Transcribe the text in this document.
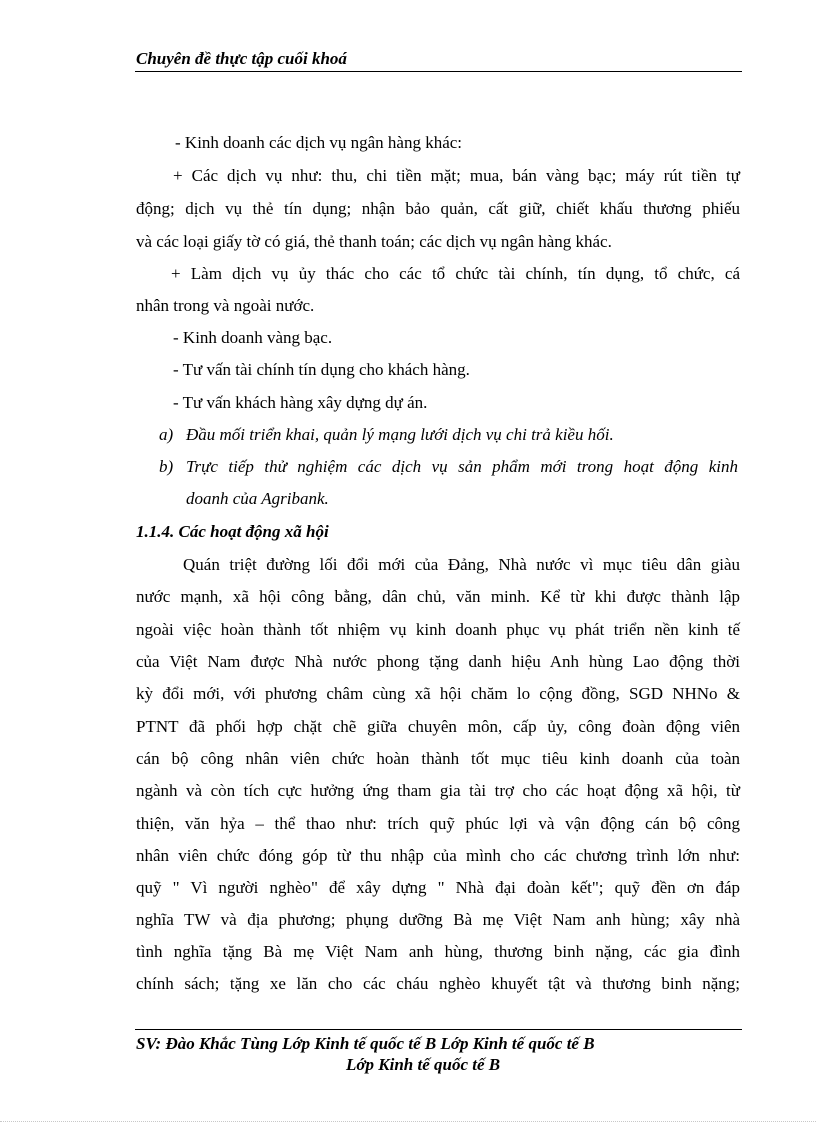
Chuyên đề thực tập cuối khoá
- Kinh doanh các dịch vụ ngân hàng khác:
+ Các dịch vụ như: thu, chi tiền mặt; mua, bán vàng bạc; máy rút tiền tự
động; dịch vụ thẻ tín dụng; nhận bảo quản, cất giữ, chiết khấu thương phiếu
và các loại giấy tờ có giá, thẻ thanh toán; các dịch vụ ngân hàng khác.
+ Làm dịch vụ ủy thác cho các tổ chức tài chính, tín dụng, tổ chức, cá
nhân trong và ngoài nước.
- Kinh doanh vàng bạc.
- Tư vấn tài chính tín dụng cho khách hàng.
- Tư vấn khách hàng xây dựng dự án.
a) Đầu mối triển khai, quản lý mạng lưới dịch vụ chi trả kiều hối.
b) Trực tiếp thử nghiệm các dịch vụ sản phẩm mới trong hoạt động kinh
doanh của Agribank.
1.1.4. Các hoạt động xã hội
Quán triệt đường lối đổi mới của Đảng, Nhà nước vì mục tiêu dân giàu
nước mạnh, xã hội công bằng, dân chủ, văn minh. Kể từ khi được thành lập
ngoài việc hoàn thành tốt nhiệm vụ kinh doanh phục vụ phát triển nền kinh tế
của Việt Nam được Nhà nước phong tặng danh hiệu Anh hùng Lao động thời
kỳ đổi mới, với phương châm cùng xã hội chăm lo cộng đồng, SGD NHNo &
PTNT đã phối hợp chặt chẽ giữa chuyên môn, cấp ủy, công đoàn động viên
cán bộ công nhân viên chức hoàn thành tốt mục tiêu kinh doanh của toàn
ngành và còn tích cực hưởng ứng tham gia tài trợ cho các hoạt động xã hội, từ
thiện, văn hỷa – thể thao như: trích quỹ phúc lợi và vận động cán bộ công
nhân viên chức đóng góp từ thu nhập của mình cho các chương trình lớn như:
quỹ " Vì người nghèo" để xây dựng " Nhà đại đoàn kết"; quỹ đền ơn đáp
nghĩa TW và địa phương; phụng dưỡng Bà mẹ Việt Nam anh hùng; xây nhà
tình nghĩa tặng Bà mẹ Việt Nam anh hùng, thương binh nặng, các gia đình
chính sách; tặng xe lăn cho các cháu nghèo khuyết tật và thương binh nặng;
SV: Đào Khắc Tùng Lớp Kinh tế quốc tế B Lớp Kinh tế quốc tế B
Lớp Kinh tế quốc tế B
